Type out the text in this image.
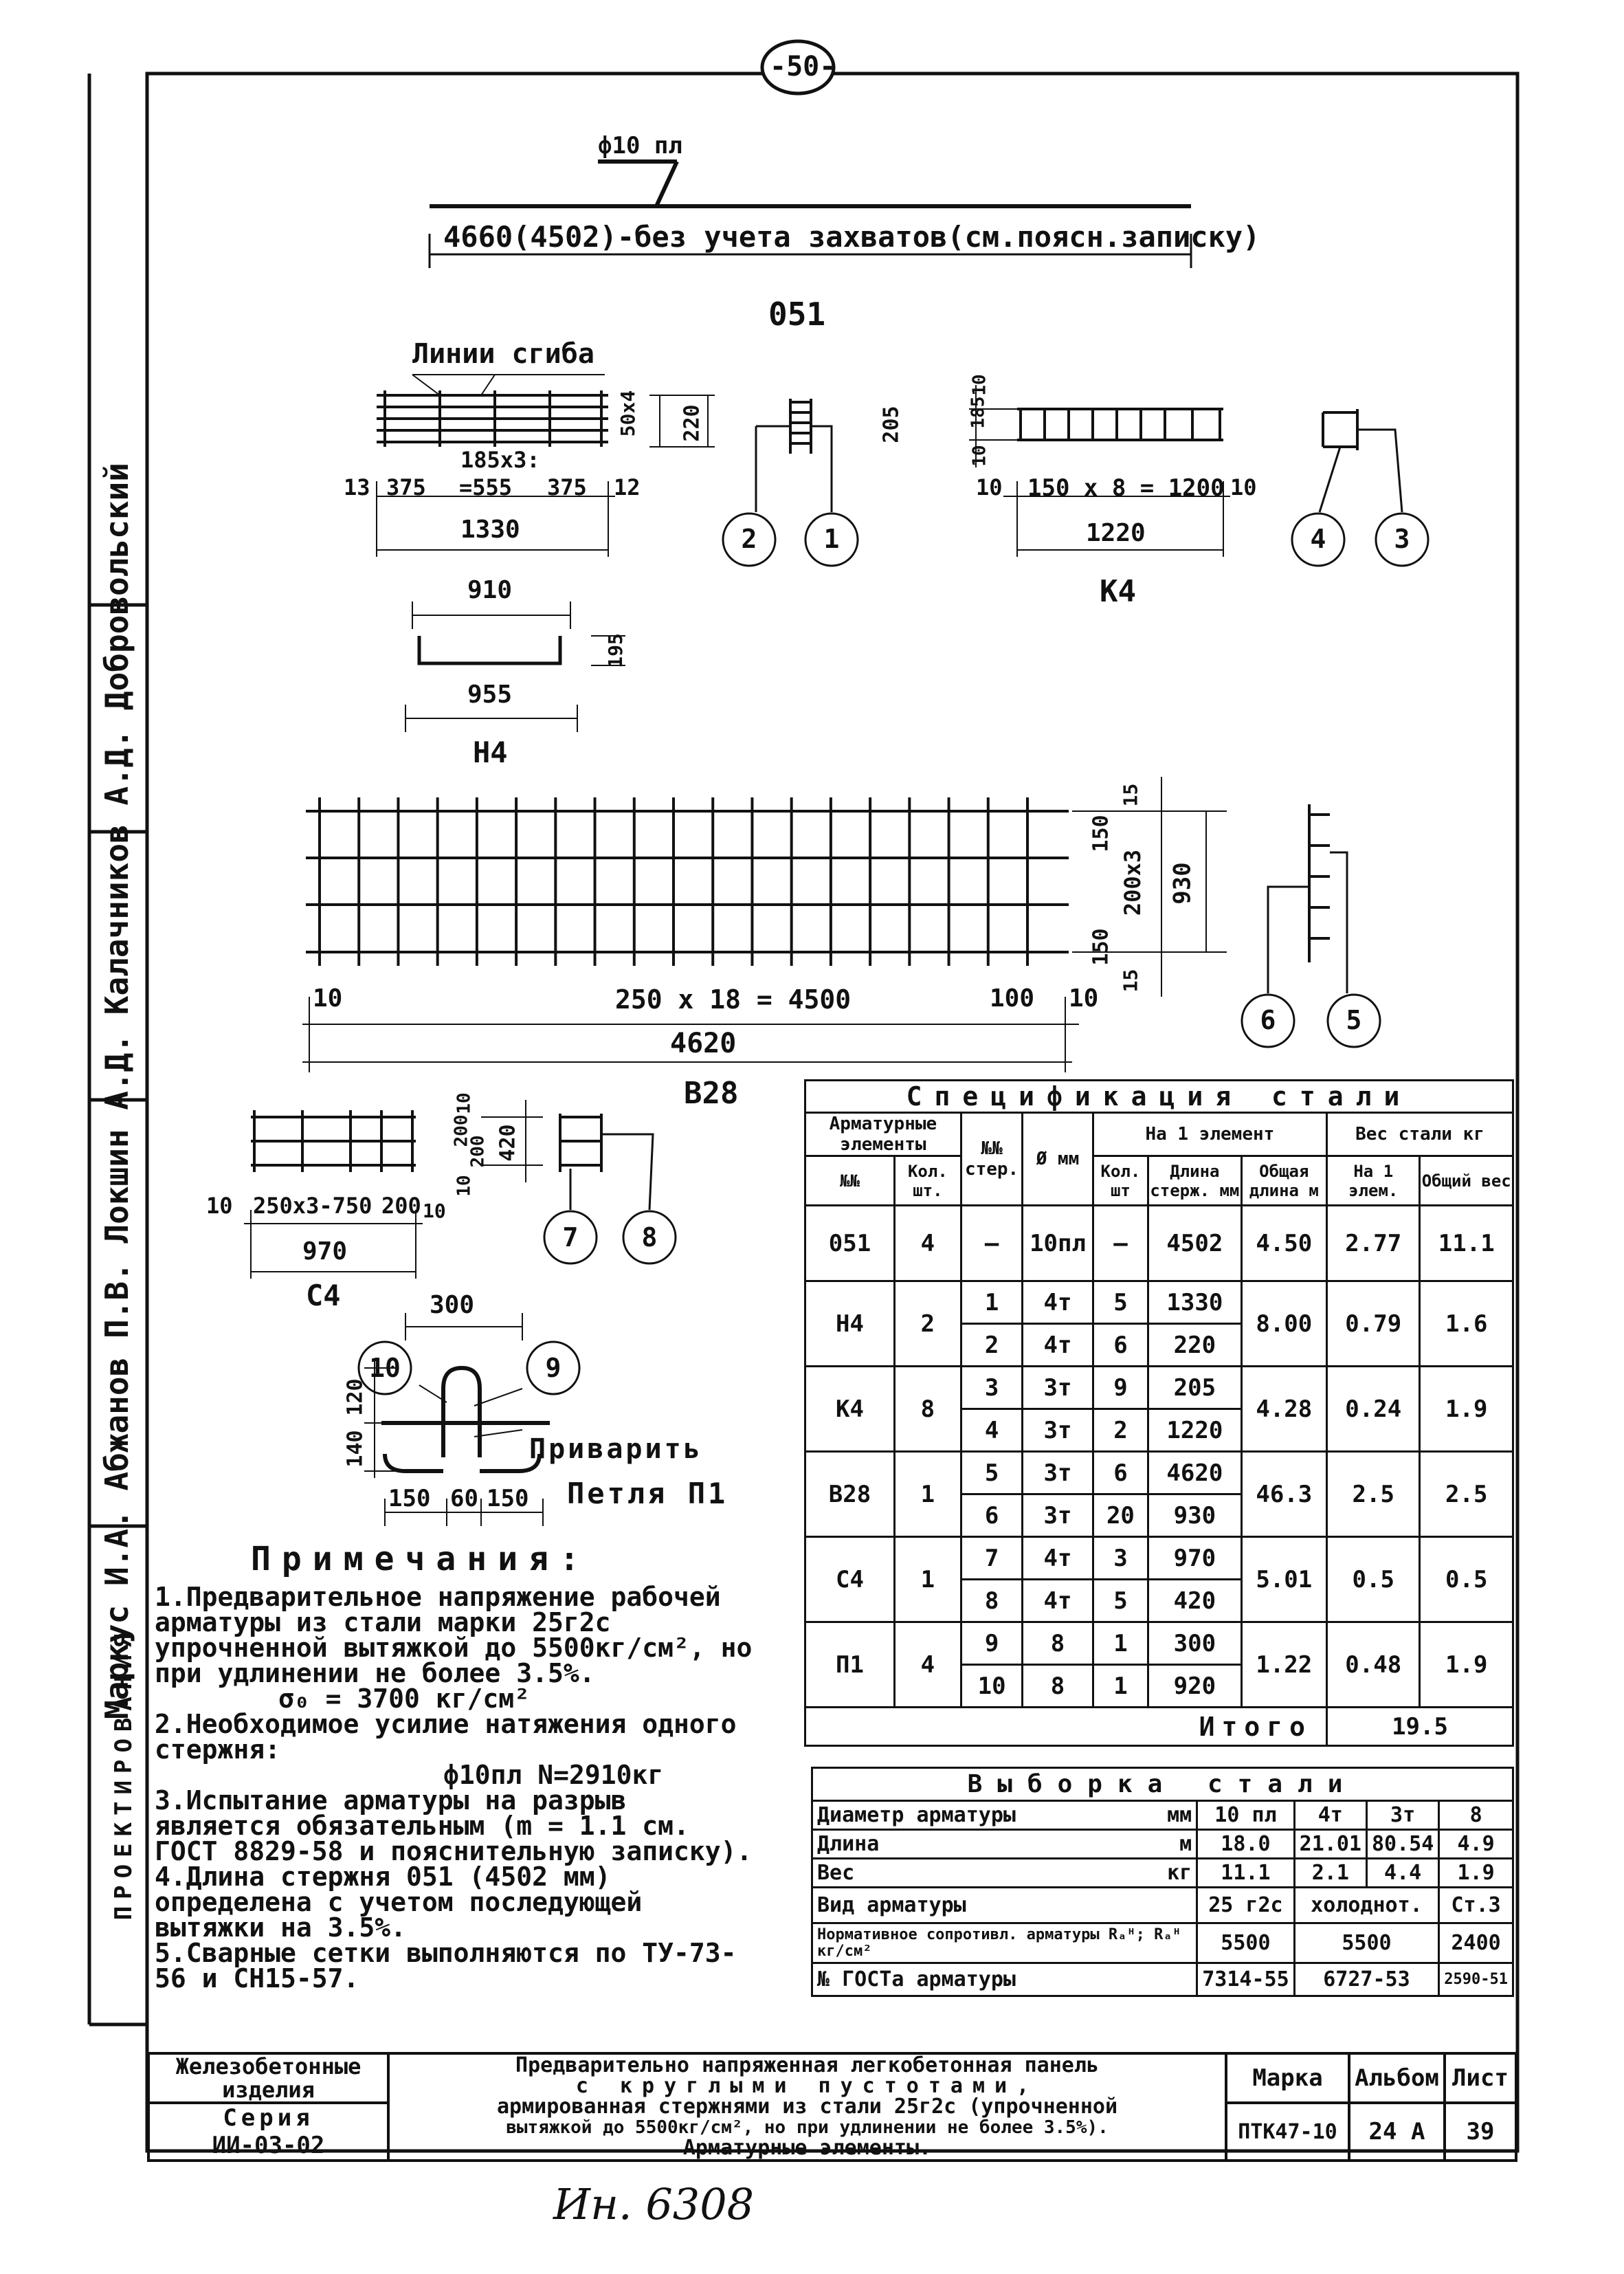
-50-
ПРОЕКТИРОВАНИЯ
Маркус И.А. Абжанов П.В. Локшин А.Д. Калачников А.Д. Добровольский
ф10 пл
4660(4502)-без учета захватов(см.поясн.записку)
051
Линии сгиба
50x4 220
185x3:
13 375 =555 375 12
1330	2	1
910
195
955
Н4
205	185
10
10
10 150 x 8 = 1200 10
1220	4	3
К4
10	250 x 18 = 4500	100 10
4620
В28
15
150
200x3 930
150
15
6	5
10 250x3-750 200 10
970
С4
10
200
200
10
420
7 8
300
10	9
120
140	Приварить
150 60 150 Петля П1
Примечания:
1.Предварительное напряжение рабочей арматуры из стали марки 25г2с упрочненной вытяжкой до 5500кг/см², но при удлинении не более 3.5%.
σ₀ = 3700 кг/см²
2.Необходимое усилие натяжения одного стержня:
ф10пл N=2910кг
3.Испытание арматуры на разрыв является обязательным (m = 1.1 см. ГОСТ 8829-58 и пояснительную записку).
4.Длина стержня 051 (4502 мм) определена с учетом последующей вытяжки на 3.5%.
5.Сварные сетки выполняются по ТУ-73-56 и СН15-57.
Спецификация стали								
Арматурные элементы		№№ стер.	Ø мм	На 1 элемент			Вес стали кг	
№№	Кол. шт.			Кол. шт	Длина стерж. мм	Общая длина м	На 1 элем.	Общий вес
051	4	—	10пл	—	4502	4.50	2.77	11.1
Н4	2	1	4т	5	1330	8.00	0.79	1.6
		2	4т	6	220			
К4	8	3	3т	9	205	4.28	0.24	1.9
		4	3т	2	1220			
В28	1	5	3т	6	4620	46.3	2.5	2.5
		6	3т	20	930			
С4	1	7	4т	3	970	5.01	0.5	0.5
		8	4т	5	420			
П1	4	9	8	1	300	1.22	0.48	1.9
		10	8	1	920			
Итого							19.5	
Выборка стали					
Диаметр арматуры	мм	10 пл	4т	3т	8
Длина	м	18.0	21.01	80.54	4.9
Вес	кг	11.1	2.1	4.4	1.9
Вид арматуры		25 г2с	холоднот.		Ст.3
Нормативное сопротивл. арматуры Rₐᴴ; Rₐᴴ кг/см²		5500	5500		2400
№ ГОСТа арматуры		7314-55	6727-53		2590-51
Железобетонные изделия	Предварительно напряженная легкобетонная панель
с круглыми пустотами,
армированная стержнями из стали 25г2с (упрочненной
вытяжкой до 5500кг/см², но при удлинении не более 3.5%).
Арматурные элементы.	Марка	Альбом	Лист

Серия
ИИ-03-02		ПТК47-10	24 А	39
Ин. 6308
